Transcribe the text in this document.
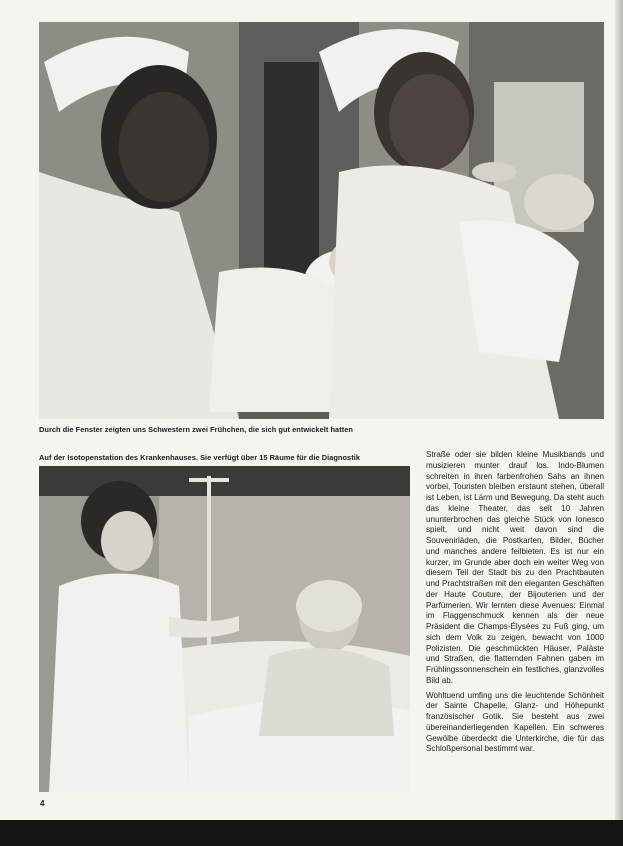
Durch die Fenster zeigten uns Schwestern zwei Frühchen, die sich gut entwickelt hatten
Auf der Isotopenstation des Krankenhauses. Sie verfügt über 15 Räume für die Diagnostik	Straße oder sie bilden kleine Musikbands und musizieren munter drauf los. Indo-Blumen schreiten in ihren farbenfrohen Sahs an ihnen vorbei, Touristen bleiben erstaunt stehen, überall ist Leben, ist Lärm und Bewegung. Da steht auch das kleine Theater, das seit 10 Jahren ununterbrochen das gleiche Stück von Ionesco spielt, und nicht weit davon sind die Souvenirläden, die Postkarten, Bilder, Bücher und manches andere feilbieten. Es ist nur ein kurzer, im Grunde aber doch ein weiter Weg von diesem Teil der Stadt bis zu den Prachtbauten und Prachtstraßen mit den eleganten Geschäften der Haute Couture, der Bijouterien und der Parfümerien. Wir lernten diese Avenues: Einmal im Flaggenschmuck kennen als der neue Präsident die Champs-Élysées zu Fuß ging, um sich dem Volk zu zeigen, bewacht von 1000 Polizisten. Die geschmückten Häuser, Paläste und Straßen, die flatternden Fahnen gaben im Frühlingssonnenschein ein festliches, glanzvolles Bild ab.

Wohltuend umfing uns die leuchtende Schönheit der Sainte Chapelle, Glanz- und Höhepunkt französischer Gotik. Sie besteht aus zwei übereinanderliegenden Kapellen. Ein schweres Gewölbe überdeckt die Unterkirche, die für das Schloßpersonal bestimmt war.

4
